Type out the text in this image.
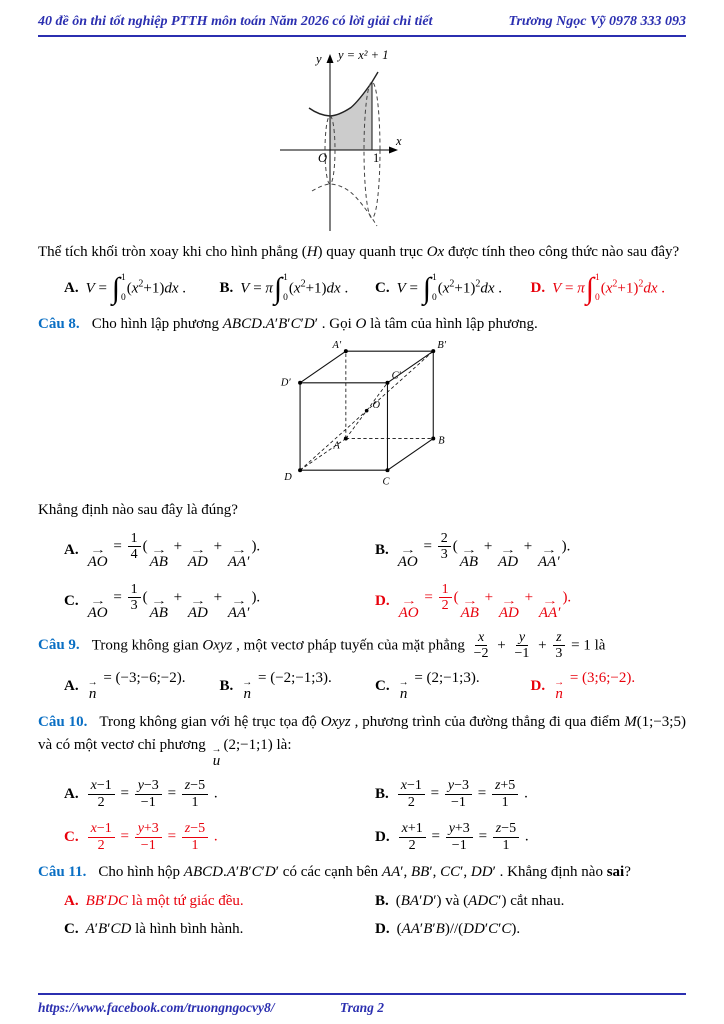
40 đề ôn thi tốt nghiệp PTTH môn toán Năm 2026 có lời giải chi tiết	Trương Ngọc Vỹ 0978 333 093
y = x² + 1
y
x
O	1
Thể tích khối tròn xoay khi cho hình phẳng (H) quay quanh trục Ox được tính theo công thức nào sau đây?
A. V = ∫ 1
0
$(x^2+1)dx$ . B. V = π ∫ 1
0
$(x^2+1)dx$ . C. V = ∫ 1
0
$(x^2+1)^2dx$ . D. V = π ∫ 1
0
$(x^2+1)^2dx$ .
Câu 8. Cho hình lập phương ABCD.A′B′C′D′ . Gọi O là tâm của hình lập phương.
A′	B′
C′
D′
O
A	B
C
D
Khẳng định nào sau đây là đúng?
A. →
AO
= $\frac{1}{4}$ ( →
AB
+ →
AD
+ →
AA′
).	B. →
AO
= $\frac{2}{3}$ ( →
AB
+ →
AD
+ →
AA′
).
C. →
AO
= $\frac{1}{3}$ ( →
AB
+ →
AD
+ →
AA′
).	D. →
AO
= $\frac{1}{2}$ ( →
AB
+ →
AD
+ →
AA′
).
Câu 9. Trong không gian Oxyz , một vectơ pháp tuyến của mặt phẳng $\frac{x}{-2} + \frac{y}{-1} + \frac{z}{3} = 1$ là
A. →
n
= (−3;−6;−2). B. →
n
= (−2;−1;3).	C. →
n
= (2;−1;3).	D. →
n
= (3;6;−2).
Câu 10. Trong không gian với hệ trục tọa độ Oxyz , phương trình của đường thẳng đi qua điểm M(1;−3;5) và có một vectơ chỉ phương →
u
(2;−1;1) là:
A. $\frac{x-1}{2} = \frac{y-3}{-1} = \frac{z-5}{1}$ .	B. $\frac{x-1}{2} = \frac{y-3}{-1} = \frac{z+5}{1}$ .
C. $\frac{x-1}{2} = \frac{y+3}{-1} = \frac{z-5}{1}$ .	D. $\frac{x+1}{2} = \frac{y+3}{-1} = \frac{z-5}{1}$ .
Câu 11. Cho hình hộp ABCD.A′B′C′D′ có các cạnh bên AA′, BB′, CC′, DD′ . Khẳng định nào sai?
A. BB′DC là một tứ giác đều.	B. (BA′D′) và (ADC′) cắt nhau.
C. A′B′CD là hình bình hành.	D. (AA′B′B)//(DD′C′C).
https://www.facebook.com/truongngocvy8/	Trang 2
